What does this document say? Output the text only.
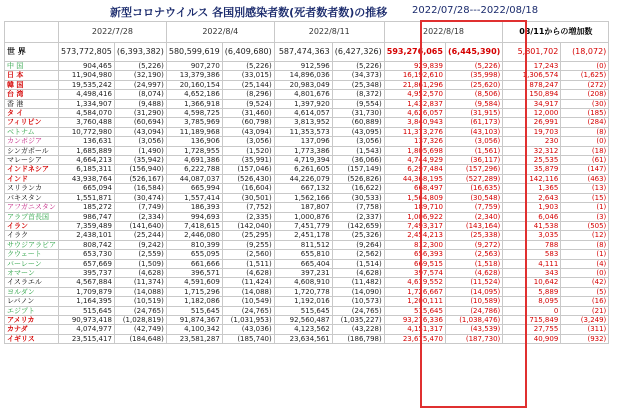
新型コロナウイルス 各国別感染者数(死者数者数)の推移 2022/07/28---2022/08/18
	2022/7/28		2022/8/4		2022/8/11		2022/8/18		08/11からの増加数	
世 界	573,772,805	(6,393,382)	580,599,619	(6,409,680)	587,474,363	(6,427,326)	593,276,065	(6,445,390)	5,801,702	(18,072)
中 国	904,465	(5,226)	907,270	(5,226)	912,596	(5,226)	929,839	(5,226)	17,243	(0)
日 本	11,904,980	(32,190)	13,379,386	(33,015)	14,896,036	(34,373)	16,192,610	(35,998)	1,306,574	(1,625)
韓 国	19,535,242	(24,997)	20,160,154	(25,144)	20,983,049	(25,348)	21,861,296	(25,620)	878,247	(272)
台 湾	4,498,416	(8,074)	4,652,186	(8,296)	4,801,676	(8,372)	4,952,570	(8,506)	150,894	(208)
香 港	1,334,907	(9,488)	1,366,918	(9,524)	1,397,920	(9,554)	1,432,837	(9,584)	34,917	(30)
タ イ	4,584,070	(31,290)	4,598,725	(31,460)	4,614,057	(31,730)	4,626,057	(31,915)	12,000	(185)
フィリピン	3,760,488	(60,694)	3,785,969	(60,798)	3,813,952	(60,889)	3,840,943	(61,173)	26,991	(284)
ベトナム	10,772,980	(43,094)	11,189,968	(43,094)	11,353,573	(43,095)	11,373,276	(43,103)	19,703	(8)
カンボジア	136,631	(3,056)	136,906	(3,056)	137,096	(3,056)	137,326	(3,056)	230	(0)
シンガポール	1,685,889	(1,490)	1,728,955	(1,520)	1,773,386	(1,543)	1,805,698	(1,561)	32,312	(18)
マレーシア	4,664,213	(35,942)	4,691,386	(35,991)	4,719,394	(36,066)	4,744,929	(36,117)	25,535	(61)
インドネシア	6,185,311	(156,940)	6,222,788	(157,046)	6,261,605	(157,149)	6,297,484	(157,296)	35,879	(147)
インド	43,938,764	(526,167)	44,087,037	(526,430)	44,226,079	(526,826)	44,368,195	(527,289)	142,116	(463)
スリランカ	665,094	(16,584)	665,994	(16,604)	667,132	(16,622)	668,497	(16,635)	1,365	(13)
パキスタン	1,551,871	(30,474)	1,557,414	(30,501)	1,562,166	(30,533)	1,564,809	(30,548)	2,643	(15)
アフガニスタン	185,272	(7,749)	186,393	(7,752)	187,807	(7,758)	189,710	(7,759)	1,903	(1)
アラブ首長国	986,747	(2,334)	994,693	(2,335)	1,000,876	(2,337)	1,006,922	(2,340)	6,046	(3)
イラン	7,359,489	(141,640)	7,418,615	(142,040)	7,451,779	(142,659)	7,493,317	(143,164)	41,538	(505)
イラク	2,438,101	(25,244)	2,446,080	(25,295)	2,451,178	(25,326)	2,454,213	(25,338)	3,035	(12)
サウジアラビア	808,742	(9,242)	810,399	(9,255)	811,512	(9,264)	812,300	(9,272)	788	(8)
クウェート	653,730	(2,559)	655,095	(2,560)	655,810	(2,562)	656,393	(2,563)	583	(1)
バーレーン	657,669	(1,509)	661,666	(1,511)	665,404	(1,514)	669,515	(1,518)	4,111	(4)
オマーン	395,737	(4,628)	396,571	(4,628)	397,231	(4,628)	397,574	(4,628)	343	(0)
イスラエル	4,567,884	(11,374)	4,591,609	(11,424)	4,608,910	(11,482)	4,619,552	(11,524)	10,642	(42)
ヨルダン	1,709,879	(14,088)	1,715,296	(14,088)	1,720,778	(14,090)	1,726,667	(14,095)	5,889	(5)
レバノン	1,164,395	(10,519)	1,182,086	(10,549)	1,192,016	(10,573)	1,200,111	(10,589)	8,095	(16)
エジプト	515,645	(24,765)	515,645	(24,765)	515,645	(24,765)	515,645	(24,786)	0	(21)
アメリカ	90,973,418	(1,028,819)	91,874,367	(1,031,953)	92,560,487	(1,035,227)	93,276,336	(1,038,476)	715,849	(3,249)
カナダ	4,074,977	(42,749)	4,100,342	(43,036)	4,123,562	(43,228)	4,151,317	(43,539)	27,755	(311)
イギリス	23,515,417	(184,648)	23,581,287	(185,740)	23,634,561	(186,798)	23,675,470	(187,730)	40,909	(932)
